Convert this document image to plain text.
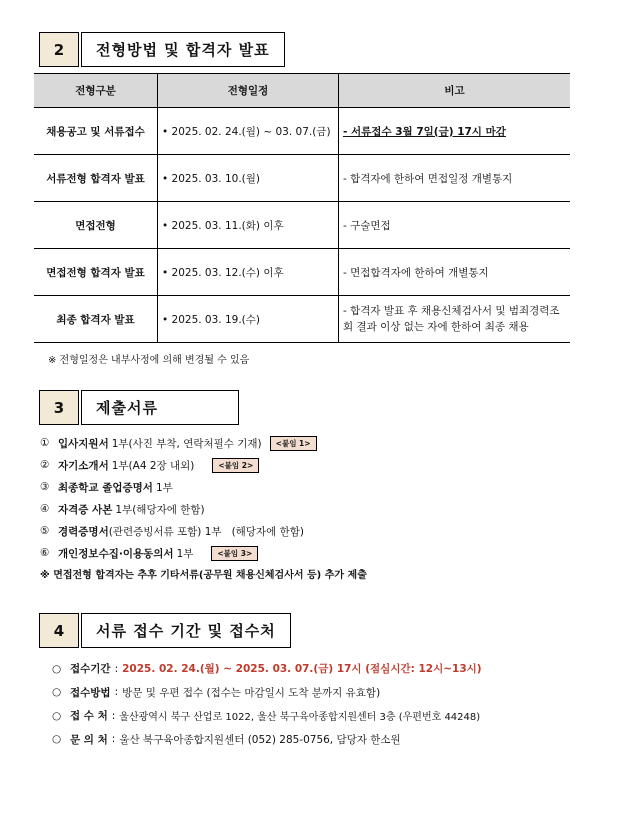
2	전형방법 및 합격자 발표
전형구분	전형일정	비고
채용공고 및 서류접수	• 2025. 02. 24.(월) ~ 03. 07.(금)	- 서류접수 3월 7일(금) 17시 마감
서류전형 합격자 발표	• 2025. 03. 10.(월)	- 합격자에 한하여 면접일정 개별통지
면접전형	• 2025. 03. 11.(화) 이후	- 구술면접
면접전형 합격자 발표	• 2025. 03. 12.(수) 이후	- 면접합격자에 한하여 개별통지
최종 합격자 발표	• 2025. 03. 19.(수)	- 합격자 발표 후 채용신체검사서 및 범죄경력조회 결과 이상 없는 자에 한하여 최종 채용
※ 전형일정은 내부사정에 의해 변경될 수 있음
3	제출서류
① 입사지원서 1부(사진 부착, 연락처필수 기재)	<붙임 1>
② 자기소개서 1부(A4 2장 내외)	<붙임 2>
③ 최종학교 졸업증명서 1부
④ 자격증 사본 1부(해당자에 한함)
⑤ 경력증명서 (관련증빙서류 포함) 1부   (해당자에 한함)
⑥ 개인정보수집·이용동의서 1부	<붙임 3>
※ 면접전형 합격자는 추후 기타서류(공무원 채용신체검사서 등) 추가 제출
4	서류 접수 기간 및 접수처
○ 접수기간 : 2025. 02. 24.(월) ~ 2025. 03. 07.(금) 17시 (점심시간: 12시~13시)
○ 접수방법 : 방문 및 우편 접수 (접수는 마감일시 도착 분까지 유효함)
○ 접 수 처 : 울산광역시 북구 산업로 1022, 울산 북구육아종합지원센터 3층 (우편번호 44248)
○ 문 의 처 : 울산 북구육아종합지원센터 (052) 285-0756, 담당자 한소원
